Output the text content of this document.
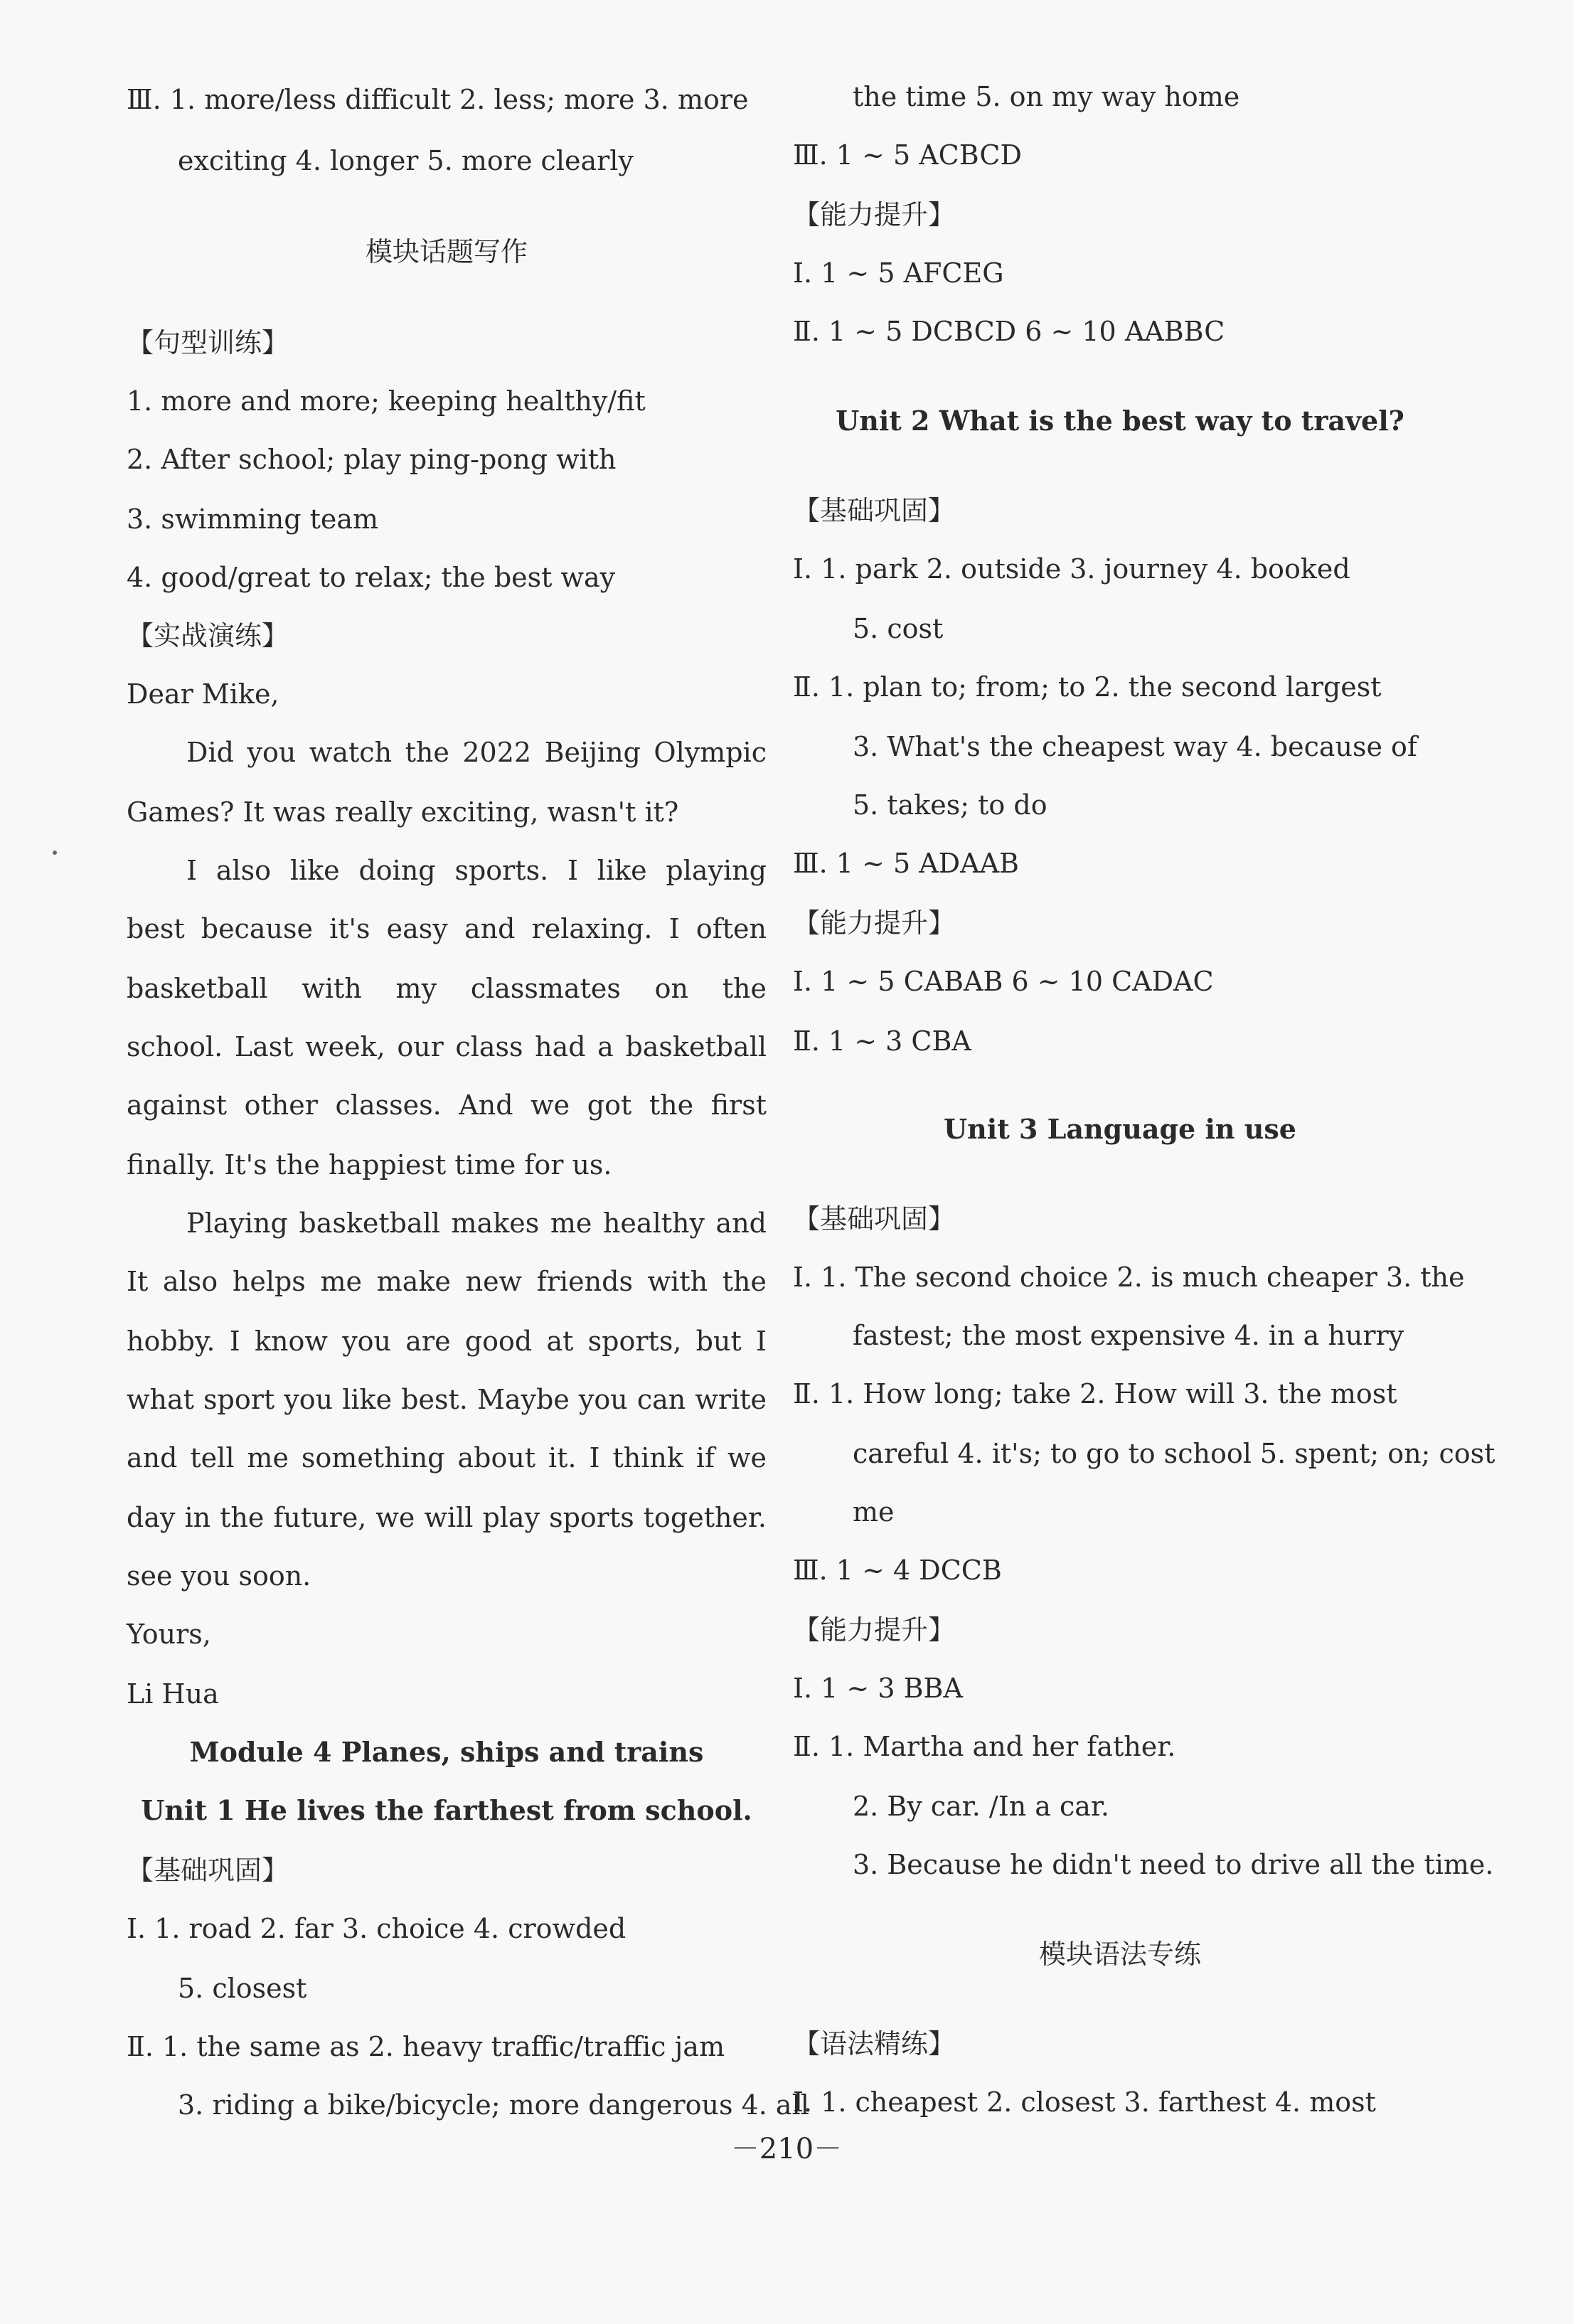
Ⅲ. 1. more/less difficult 2. less; more 3. more
exciting 4. longer 5. more clearly
模块话题写作
【句型训练】
1. more and more; keeping healthy/fit
2. After school; play ping-pong with
3. swimming team
4. good/great to relax; the best way
【实战演练】
Dear Mike,
Did you watch the 2022 Beijing Olympic
Games? It was really exciting, wasn't it?
I also like doing sports. I like playing
best because it's easy and relaxing. I often
basketball with my classmates on the
school. Last week, our class had a basketball
against other classes. And we got the first
finally. It's the happiest time for us.
Playing basketball makes me healthy and
It also helps me make new friends with the
hobby. I know you are good at sports, but I
what sport you like best. Maybe you can write
and tell me something about it. I think if we
day in the future, we will play sports together.
see you soon.
Yours,
Li Hua
Module 4 Planes, ships and trains
Unit 1 He lives the farthest from school.
【基础巩固】
Ⅰ. 1. road 2. far 3. choice 4. crowded
5. closest
Ⅱ. 1. the same as 2. heavy traffic/traffic jam
3. riding a bike/bicycle; more dangerous 4. all
the time 5. on my way home
Ⅲ. 1 ~ 5 ACBCD
【能力提升】
Ⅰ. 1 ~ 5 AFCEG
Ⅱ. 1 ~ 5 DCBCD 6 ~ 10 AABBC
Unit 2 What is the best way to travel?
【基础巩固】
Ⅰ. 1. park 2. outside 3. journey 4. booked
5. cost
Ⅱ. 1. plan to; from; to 2. the second largest
3. What's the cheapest way 4. because of
5. takes; to do
Ⅲ. 1 ~ 5 ADAAB
【能力提升】
Ⅰ. 1 ~ 5 CABAB 6 ~ 10 CADAC
Ⅱ. 1 ~ 3 CBA
Unit 3 Language in use
【基础巩固】
Ⅰ. 1. The second choice 2. is much cheaper 3. the
fastest; the most expensive 4. in a hurry
Ⅱ. 1. How long; take 2. How will 3. the most
careful 4. it's; to go to school 5. spent; on; cost
me
Ⅲ. 1 ~ 4 DCCB
【能力提升】
Ⅰ. 1 ~ 3 BBA
Ⅱ. 1. Martha and her father.
2. By car. /In a car.
3. Because he didn't need to drive all the time.
模块语法专练
【语法精练】
Ⅰ. 1. cheapest 2. closest 3. farthest 4. most
－210－
